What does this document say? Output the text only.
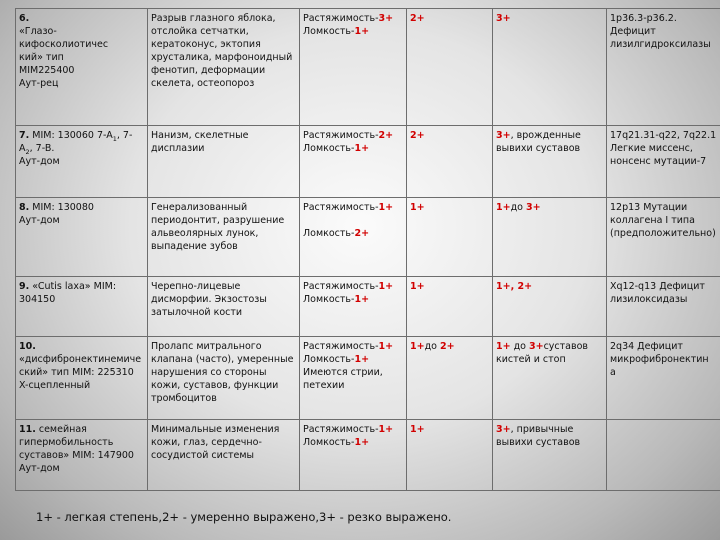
6.
«Глазо-кифосколиотичес
кий» тип
MIM225400
Аут-рец	Разрыв глазного яблока, отслойка сетчатки, кератоконус, эктопия хрусталика, марфоноидный фенотип, деформации скелета, остеопороз	Растяжимость-3+
Ломкость-1+	2+	3+	1p36.3-p36.2. Дефицит лизилгидроксилазы

7. MIM: 130060 $7-A_1$, $7-A_2$, 7-B.
Аут-дом	Нанизм, скелетные дисплазии	Растяжимость-2+
Ломкость-1+	2+	3+, врожденные вывихи суставов	17q21.31-q22, 7q22.1 Легкие миссенс, нонсенс мутации-7

8. MIM: 130080
Аут-дом	Генерализованный периодонтит, разрушение альвеолярных лунок, выпадение зубов	Растяжимость-1+
Ломкость-2+	1+	1+до 3+	12p13 Мутации коллагена I типа (предположительно)

9. «Cutis laxa» MIM:
304150	Черепно-лицевые дисморфии. Экзостозы затылочной кости	Растяжимость-1+
Ломкость-1+	1+	1+, 2+	Xq12-q13 Дефицит лизилоксидазы

10.
«дисфибронектинемиче
ский» тип MIM: 225310
X-сцепленный	Пролапс митрального клапана (часто), умеренные нарушения со стороны кожи, суставов, функции тромбоцитов	Растяжимость-1+
Ломкость-1+
Имеются стрии, петехии	1+до 2+	1+ до 3+суставов кистей и стоп	2q34 Дефицит микрофибронектин а

11. семейная
гипермобильность
суставов» MIM: 147900
Аут-дом	Минимальные изменения кожи, глаз, сердечно-сосудистой системы	Растяжимость-1+
Ломкость-1+	1+	3+, привычные вывихи суставов	
1+ - легкая степень,2+ - умеренно выражено,3+ - резко выражено.
